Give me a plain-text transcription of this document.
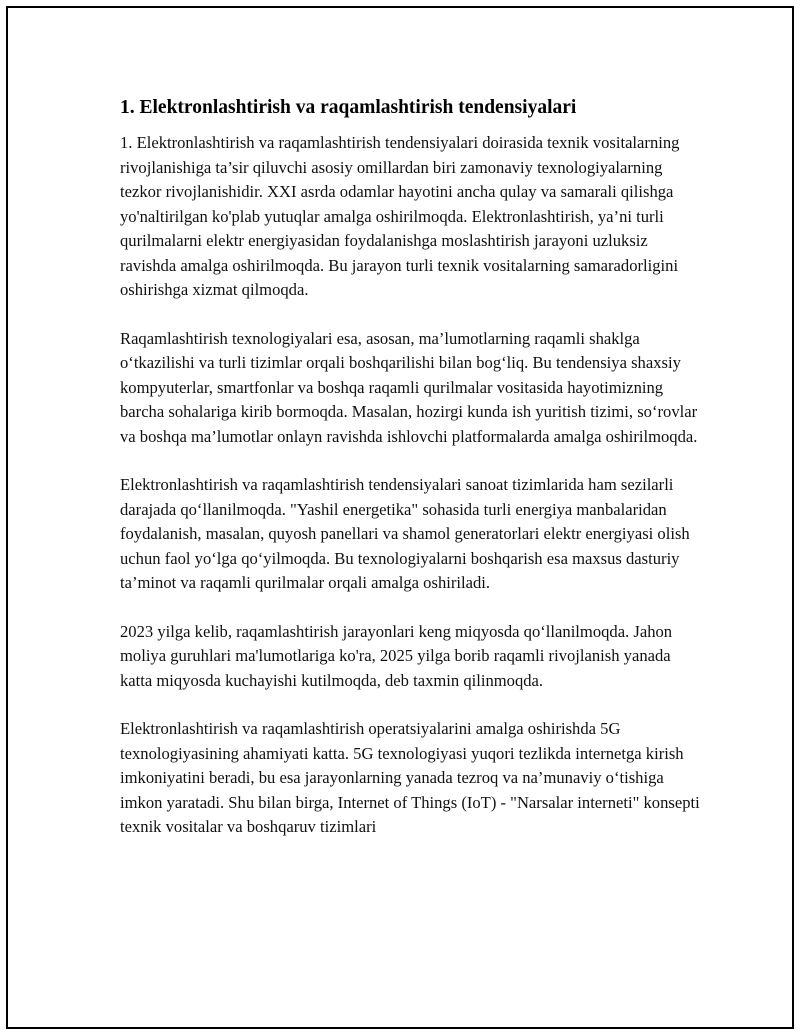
1. Elektronlashtirish va raqamlashtirish tendensiyalari

1. Elektronlashtirish va raqamlashtirish tendensiyalari doirasida texnik vositalarning rivojlanishiga ta’sir qiluvchi asosiy omillardan biri zamonaviy texnologiyalarning tezkor rivojlanishidir. XXI asrda odamlar hayotini ancha qulay va samarali qilishga yo'naltirilgan ko'plab yutuqlar amalga oshirilmoqda. Elektronlashtirish, ya’ni turli qurilmalarni elektr energiyasidan foydalanishga moslashtirish jarayoni uzluksiz ravishda amalga oshirilmoqda. Bu jarayon turli texnik vositalarning samaradorligini oshirishga xizmat qilmoqda.

Raqamlashtirish texnologiyalari esa, asosan, ma’lumotlarning raqamli shaklga o‘tkazilishi va turli tizimlar orqali boshqarilishi bilan bog‘liq. Bu tendensiya shaxsiy kompyuterlar, smartfonlar va boshqa raqamli qurilmalar vositasida hayotimizning barcha sohalariga kirib bormoqda. Masalan, hozirgi kunda ish yuritish tizimi, so‘rovlar va boshqa ma’lumotlar onlayn ravishda ishlovchi platformalarda amalga oshirilmoqda.

Elektronlashtirish va raqamlashtirish tendensiyalari sanoat tizimlarida ham sezilarli darajada qo‘llanilmoqda. "Yashil energetika" sohasida turli energiya manbalaridan foydalanish, masalan, quyosh panellari va shamol generatorlari elektr energiyasi olish uchun faol yo‘lga qo‘yilmoqda. Bu texnologiyalarni boshqarish esa maxsus dasturiy ta’minot va raqamli qurilmalar orqali amalga oshiriladi.

2023 yilga kelib, raqamlashtirish jarayonlari keng miqyosda qo‘llanilmoqda. Jahon moliya guruhlari ma'lumotlariga ko'ra, 2025 yilga borib raqamli rivojlanish yanada katta miqyosda kuchayishi kutilmoqda, deb taxmin qilinmoqda.

Elektronlashtirish va raqamlashtirish operatsiyalarini amalga oshirishda 5G texnologiyasining ahamiyati katta. 5G texnologiyasi yuqori tezlikda internetga kirish imkoniyatini beradi, bu esa jarayonlarning yanada tezroq va na’munaviy o‘tishiga imkon yaratadi. Shu bilan birga, Internet of Things (IoT) - "Narsalar interneti" konsepti texnik vositalar va boshqaruv tizimlari
